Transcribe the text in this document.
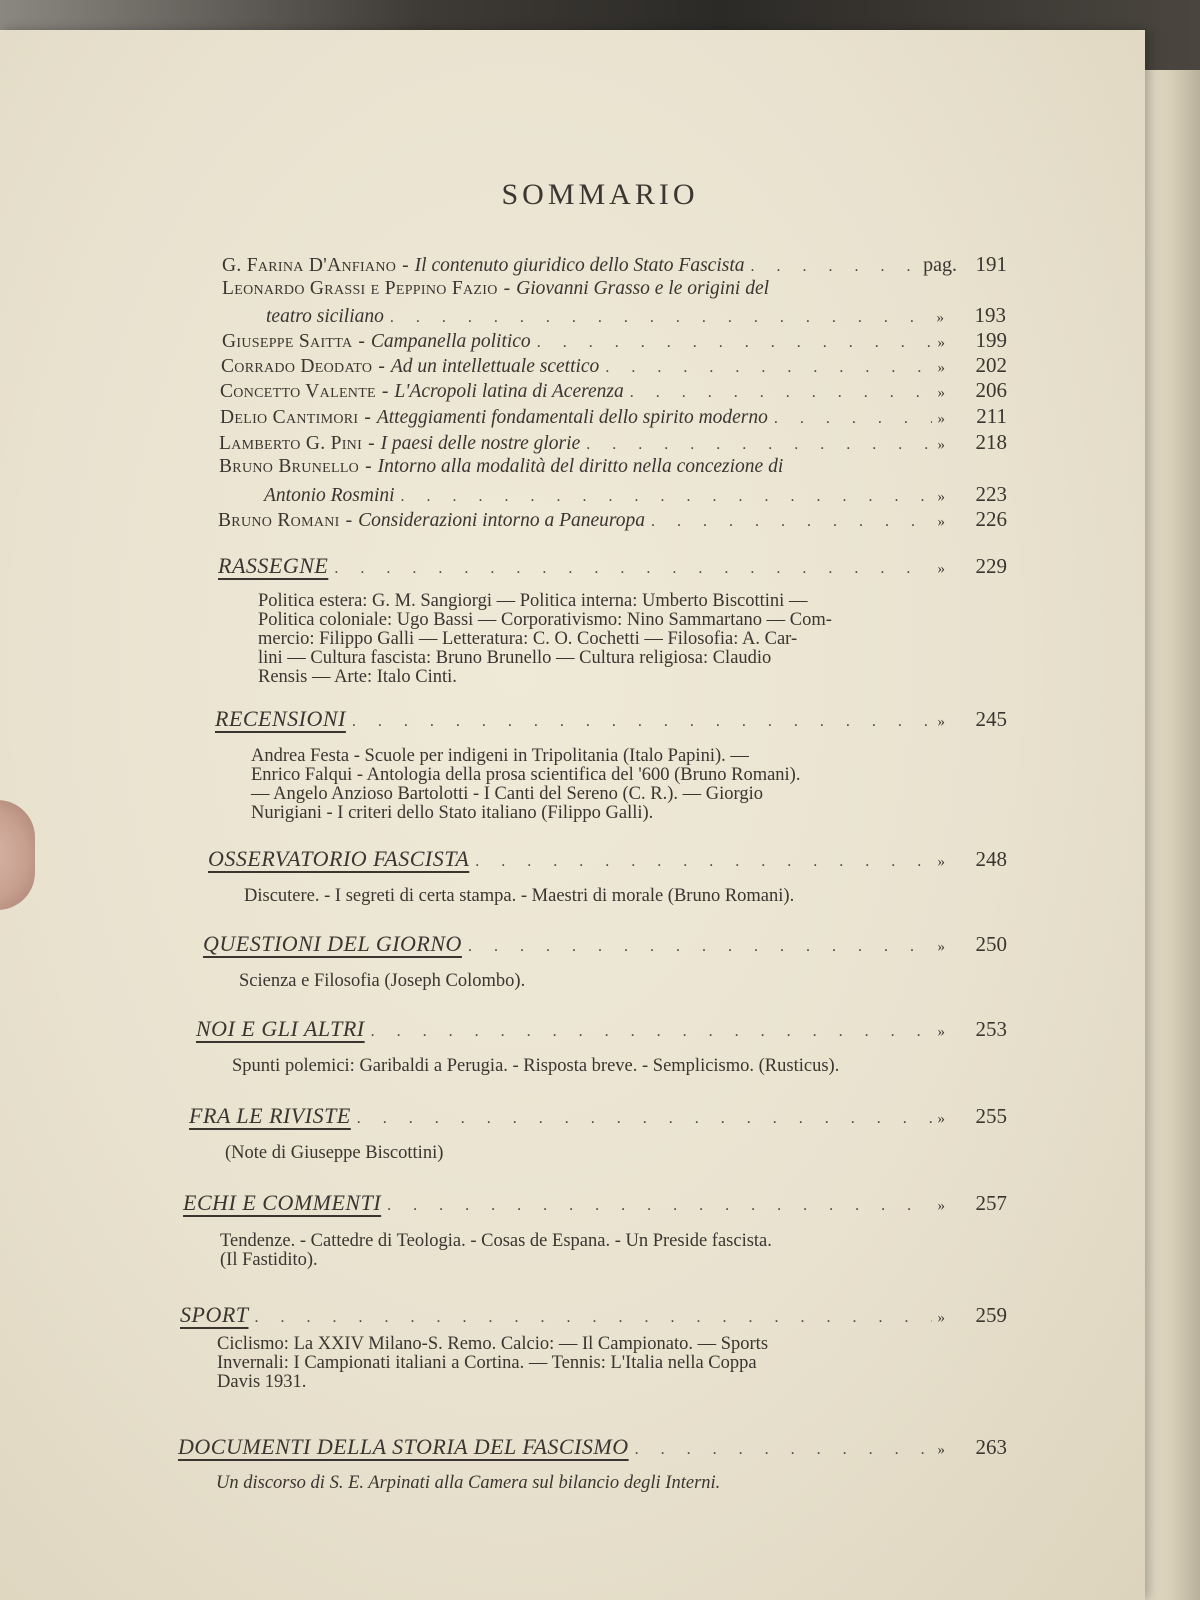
SOMMARIO
G. Farina D'Anfiano - Il contenuto giuridico dello Stato Fascista . . .	pag. 191
Leonardo Grassi e Peppino Fazio - Giovanni Grasso e le origini del
teatro siciliano . . .	»	193
Giuseppe Saitta - Campanella politico . . .	»	199
Corrado Deodato - Ad un intellettuale scettico . . .	»	202
Concetto Valente - L'Acropoli latina di Acerenza . . .	»	206
Delio Cantimori - Atteggiamenti fondamentali dello spirito moderno . . .	»	211
Lamberto G. Pini - I paesi delle nostre glorie . . .	»	218
Bruno Brunello - Intorno alla modalità del diritto nella concezione di
Antonio Rosmini . . .	»	223
Bruno Romani - Considerazioni intorno a Paneuropa . . .	»	226
RASSEGNE . . .	»	229
Politica estera: G. M. Sangiorgi — Politica interna: Umberto Biscottini —
Politica coloniale: Ugo Bassi — Corporativismo: Nino Sammartano — Com-
mercio: Filippo Galli — Letteratura: C. O. Cochetti — Filosofia: A. Car-
lini — Cultura fascista: Bruno Brunello — Cultura religiosa: Claudio
Rensis — Arte: Italo Cinti.
RECENSIONI . . .	»	245
Andrea Festa - Scuole per indigeni in Tripolitania (Italo Papini). —
Enrico Falqui - Antologia della prosa scientifica del '600 (Bruno Romani).
— Angelo Anzioso Bartolotti - I Canti del Sereno (C. R.). — Giorgio
Nurigiani - I criteri dello Stato italiano (Filippo Galli).
OSSERVATORIO FASCISTA . . .	»	248
Discutere. - I segreti di certa stampa. - Maestri di morale (Bruno Romani).
QUESTIONI DEL GIORNO . . .	»	250
Scienza e Filosofia (Joseph Colombo).
NOI E GLI ALTRI . . .	»	253
Spunti polemici: Garibaldi a Perugia. - Risposta breve. - Semplicismo. (Rusticus).
FRA LE RIVISTE . . .	»	255
(Note di Giuseppe Biscottini)
ECHI E COMMENTI . . .	»	257
Tendenze. - Cattedre di Teologia. - Cosas de Espana. - Un Preside fascista.
(Il Fastidito).
SPORT . . .	»	259
Ciclismo: La XXIV Milano-S. Remo. Calcio: — Il Campionato. — Sports
Invernali: I Campionati italiani a Cortina. — Tennis: L'Italia nella Coppa
Davis 1931.
DOCUMENTI DELLA STORIA DEL FASCISMO . . .	»	263
Un discorso di S. E. Arpinati alla Camera sul bilancio degli Interni.
